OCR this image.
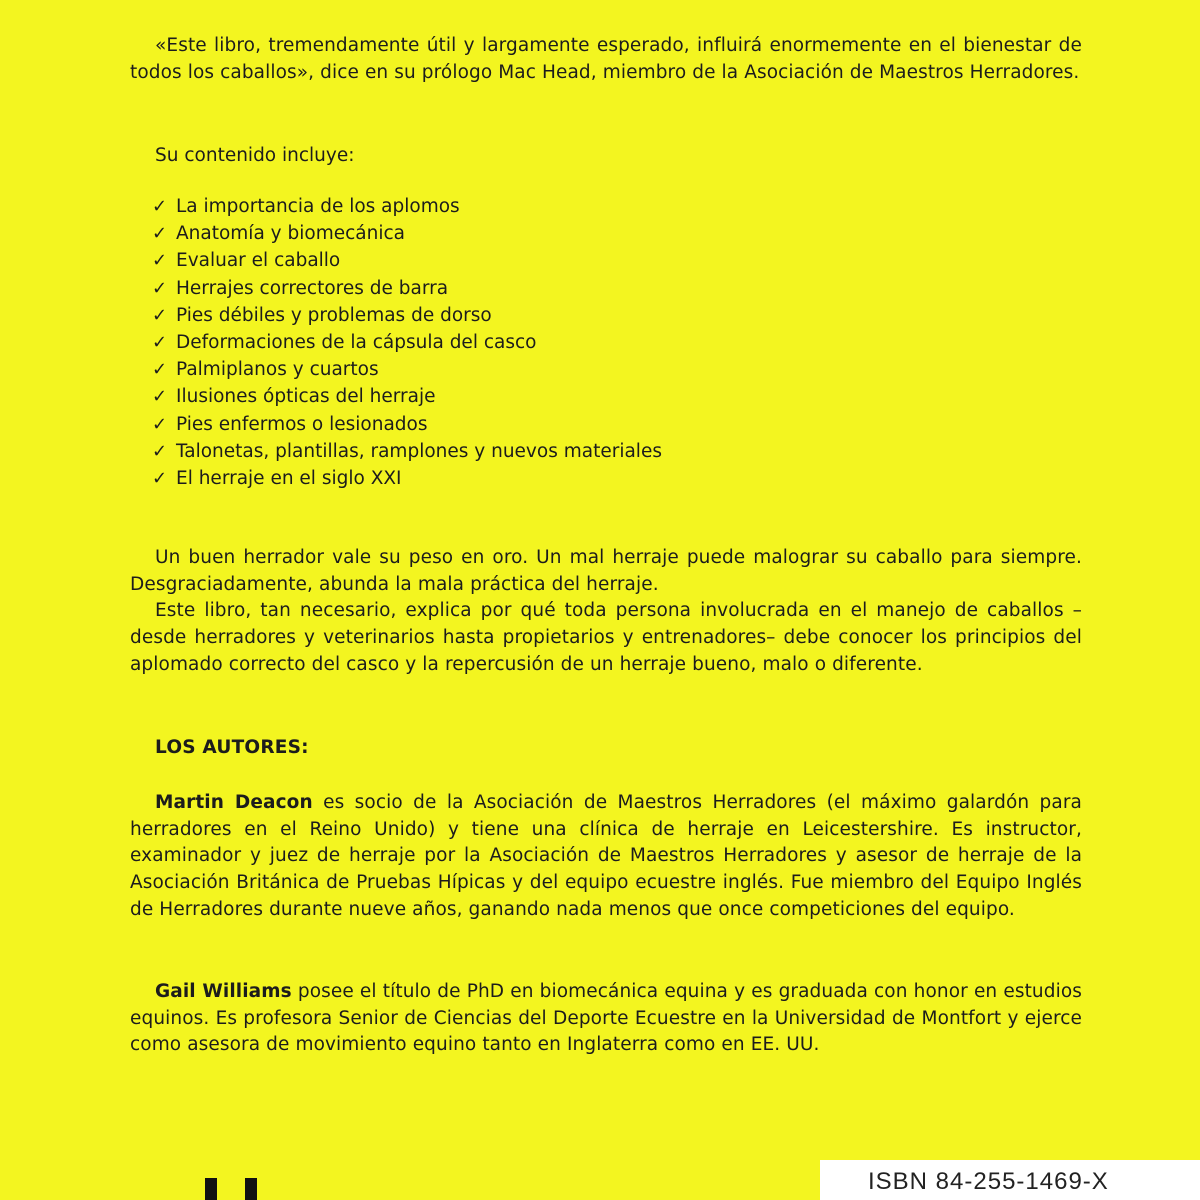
«Este libro, tremendamente útil y largamente esperado, influirá enormemente en el bienestar de todos los caballos», dice en su prólogo Mac Head, miembro de la Asociación de Maestros Herradores.

Su contenido incluye:
✓ La importancia de los aplomos
✓ Anatomía y biomecánica
✓ Evaluar el caballo
✓ Herrajes correctores de barra
✓ Pies débiles y problemas de dorso
✓ Deformaciones de la cápsula del casco
✓ Palmiplanos y cuartos
✓ Ilusiones ópticas del herraje
✓ Pies enfermos o lesionados
✓ Talonetas, plantillas, ramplones y nuevos materiales
✓ El herraje en el siglo XXI

Un buen herrador vale su peso en oro. Un mal herraje puede malograr su caballo para siempre. Desgraciadamente, abunda la mala práctica del herraje.

Este libro, tan necesario, explica por qué toda persona involucrada en el manejo de caballos –desde herradores y veterinarios hasta propietarios y entrenadores– debe conocer los principios del aplomado correcto del casco y la repercusión de un herraje bueno, malo o diferente.

LOS AUTORES:

Martin Deacon es socio de la Asociación de Maestros Herradores (el máximo galardón para herradores en el Reino Unido) y tiene una clínica de herraje en Leicestershire. Es instructor, examinador y juez de herraje por la Asociación de Maestros Herradores y asesor de herraje de la Asociación Británica de Pruebas Hípicas y del equipo ecuestre inglés. Fue miembro del Equipo Inglés de Herradores durante nueve años, ganando nada menos que once competiciones del equipo.

Gail Williams posee el título de PhD en biomecánica equina y es graduada con honor en estudios equinos. Es profesora Senior de Ciencias del Deporte Ecuestre en la Universidad de Montfort y ejerce como asesora de movimiento equino tanto en Inglaterra como en EE. UU.

ISBN 84-255-1469-X
